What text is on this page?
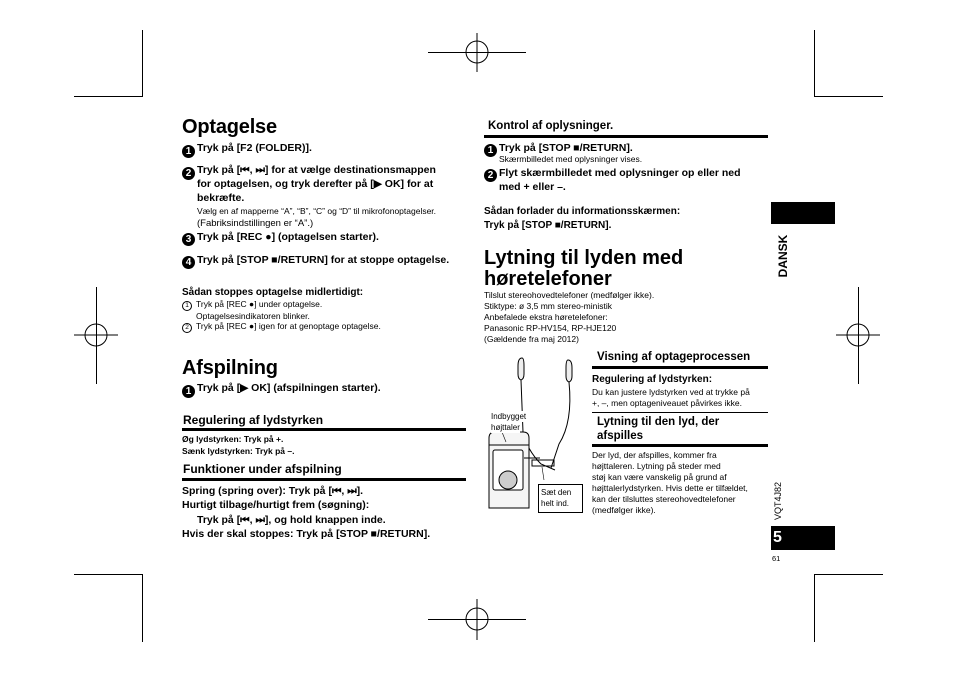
Optagelse
1 Tryk på [F2 (FOLDER)].
2 Tryk på [⏮, ⏭] for at vælge destinationsmappen
for optagelsen, og tryk derefter på [▶ OK] for at
bekræfte.
Vælg en af mapperne “A”, “B”, “C” og “D” til mikrofonoptagelser.
(Fabriksindstillingen er “A”.)
3 Tryk på [REC ●] (optagelsen starter).
4 Tryk på [STOP ■/RETURN] for at stoppe optagelse.
Sådan stoppes optagelse midlertidigt:
1 Tryk på [REC ●] under optagelse.
Optagelsesindikatoren blinker.
2 Tryk på [REC ●] igen for at genoptage optagelse.
Afspilning
1 Tryk på [▶ OK] (afspilningen starter).
Regulering af lydstyrken
Øg lydstyrken: Tryk på +.
Sænk lydstyrken: Tryk på –.
Funktioner under afspilning
Spring (spring over): Tryk på [⏮, ⏭].
Hurtigt tilbage/hurtigt frem (søgning):
Tryk på [⏮, ⏭], og hold knappen inde.
Hvis der skal stoppes: Tryk på [STOP ■/RETURN].
Kontrol af oplysninger.
1 Tryk på [STOP ■/RETURN].
Skærmbilledet med oplysninger vises.
2 Flyt skærmbilledet med oplysninger op eller ned
med + eller –.
Sådan forlader du informationsskærmen:
Tryk på [STOP ■/RETURN].
Lytning til lyden med
høretelefoner
Tilslut stereohovedtelefoner (medfølger ikke).
Stiktype: ø 3,5 mm stereo-ministik
Anbefalede ekstra høretelefoner:
Panasonic RP-HV154, RP-HJE120
(Gældende fra maj 2012)
Indbygget
højttaler
Sæt den
helt ind.
Visning af optageprocessen
Regulering af lydstyrken:
Du kan justere lydstyrken ved at trykke på
+, –, men optageniveauet påvirkes ikke.
Lytning til den lyd, der
afspilles
Der lyd, der afspilles, kommer fra
højttaleren. Lytning på steder med
støj kan være vanskelig på grund af
højttalerlydstyrken. Hvis dette er tilfældet,
kan der tilsluttes stereohovedtelefoner
(medfølger ikke).
DANSK
VQT4J82
5
61
